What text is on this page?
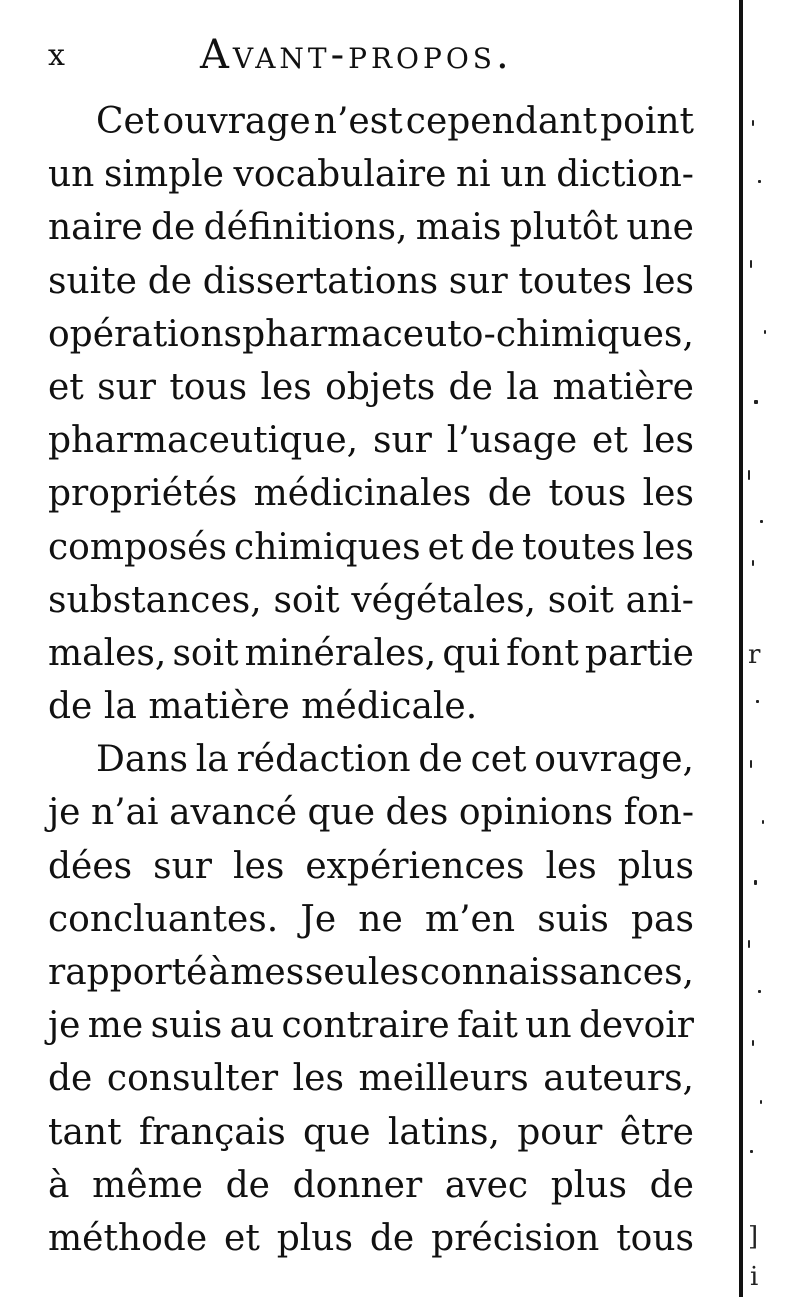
x	Avant-propos.
Cet ouvrage n’est cependant point
un simple vocabulaire ni un diction-
naire de définitions, mais plutôt une
suite de dissertations sur toutes les
opérations pharmaceuto - chimiques ,
et sur tous les objets de la matière
pharmaceutique, sur l’usage et les
propriétés médicinales de tous les
composés chimiques et de toutes les
substances, soit végétales, soit ani-
males, soit minérales, qui font partie
de la matière médicale.
Dans la rédaction de cet ouvrage,
je n’ai avancé que des opinions fon-
dées sur les expériences les plus
concluantes. Je ne m’en suis pas
rapporté à mes seules connaissances,
je me suis au contraire fait un devoir
de consulter les meilleurs auteurs,
tant français que latins, pour être
à même de donner avec plus de
méthode et plus de précision tous
r
]
i
